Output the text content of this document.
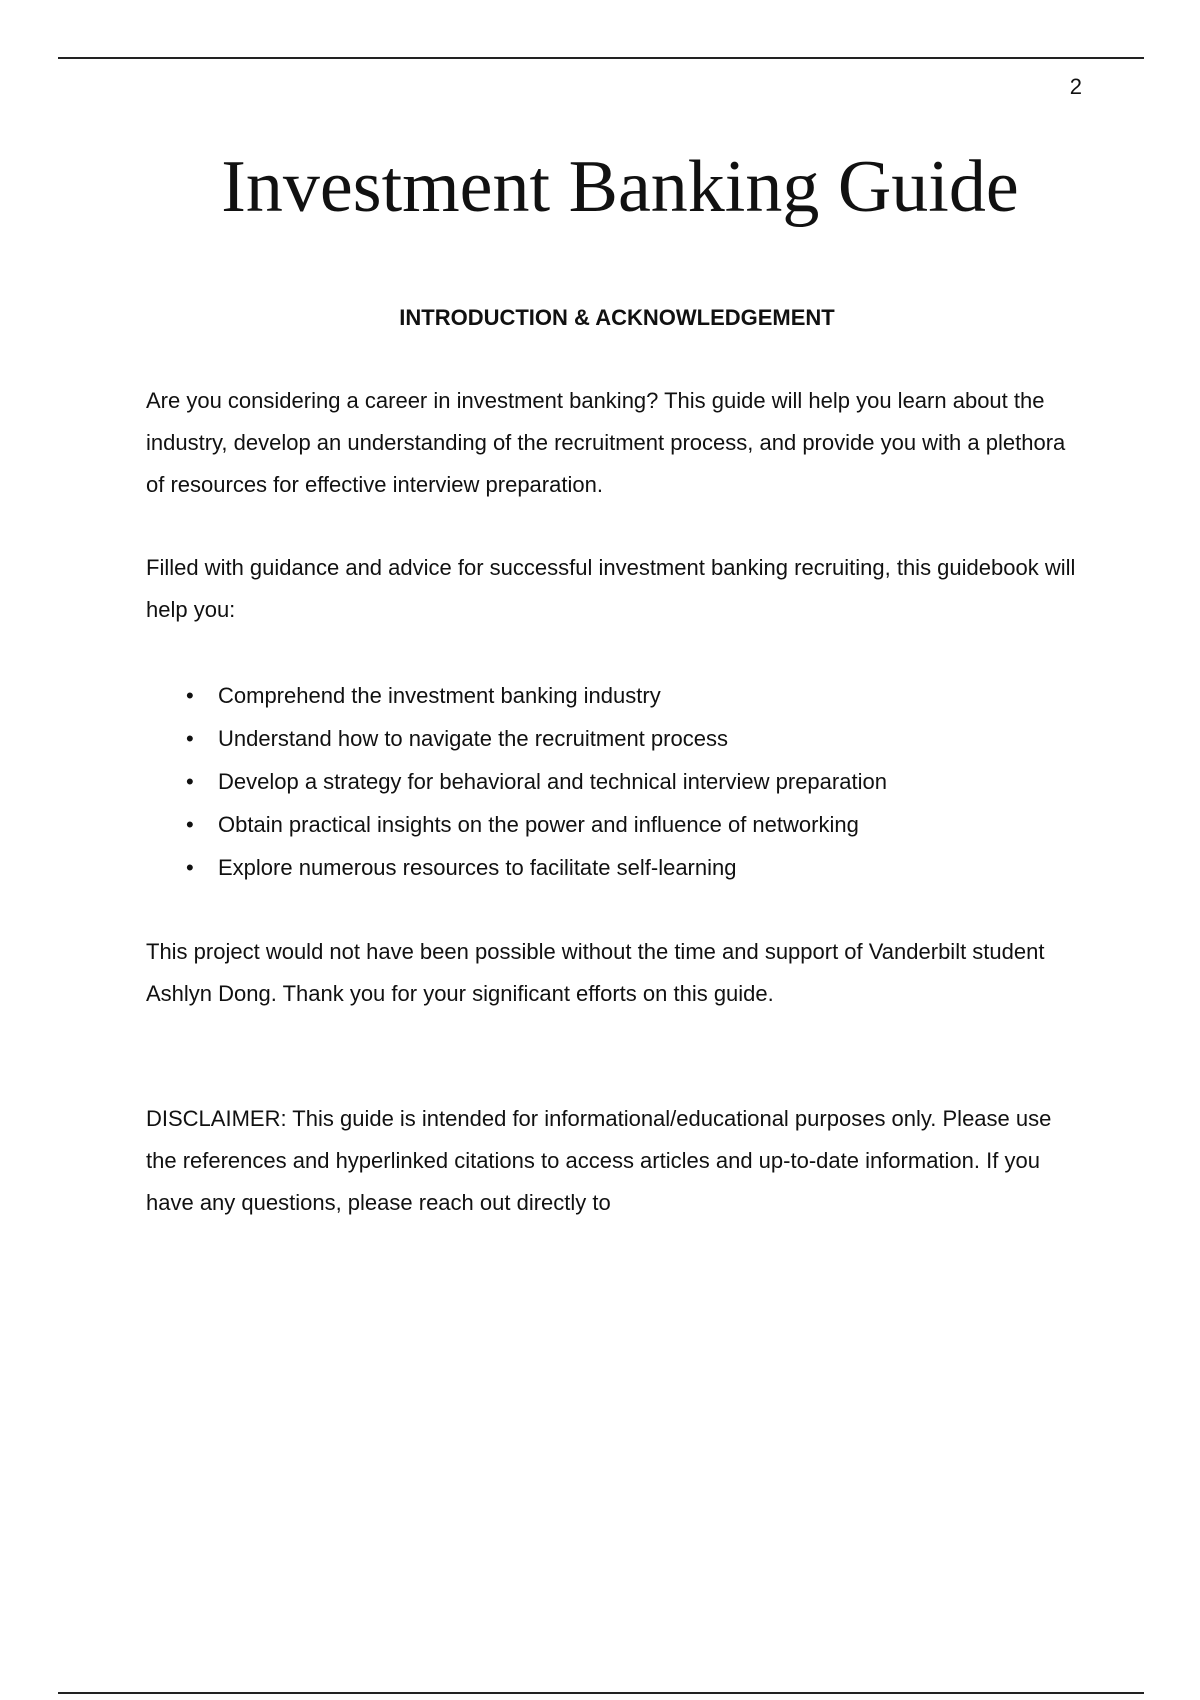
2
Investment Banking Guide
INTRODUCTION & ACKNOWLEDGEMENT

Are you considering a career in investment banking? This guide will help you learn about the industry, develop an understanding of the recruitment process, and provide you with a plethora of resources for effective interview preparation.

Filled with guidance and advice for successful investment banking recruiting, this guidebook will help you:

• Comprehend the investment banking industry
• Understand how to navigate the recruitment process
• Develop a strategy for behavioral and technical interview preparation
• Obtain practical insights on the power and influence of networking
• Explore numerous resources to facilitate self-learning

This project would not have been possible without the time and support of Vanderbilt student Ashlyn Dong. Thank you for your significant efforts on this guide.

DISCLAIMER: This guide is intended for informational/educational purposes only. Please use the references and hyperlinked citations to access articles and up-to-date information. If you have any questions, please reach out directly to
